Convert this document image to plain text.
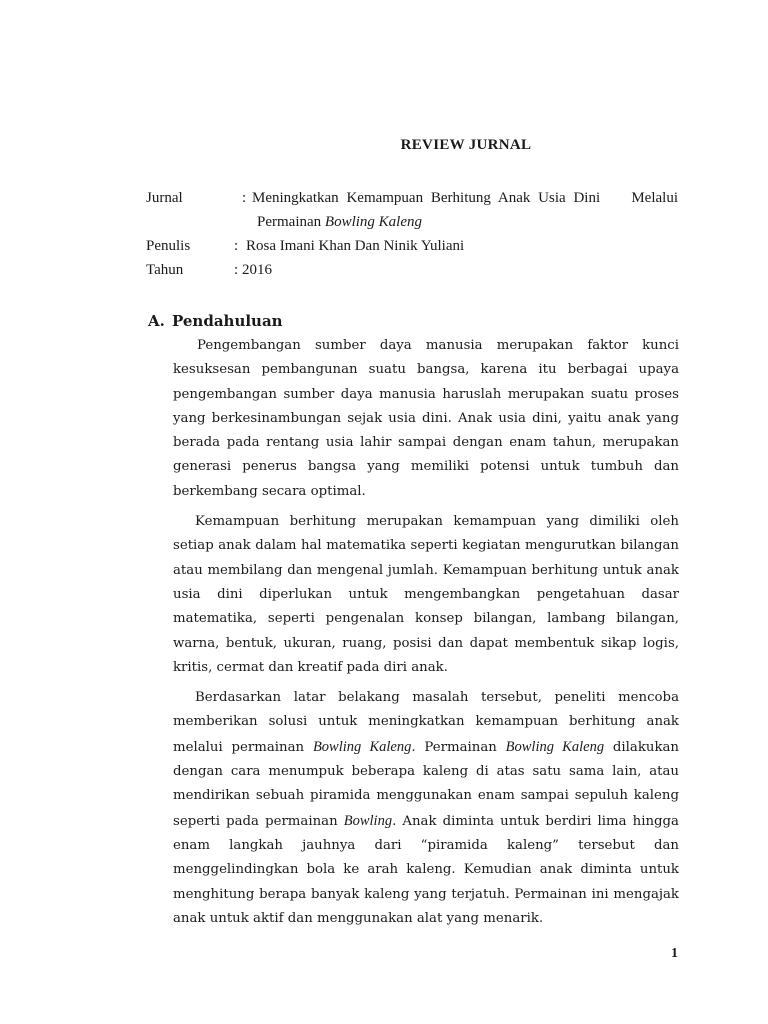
REVIEW JURNAL
Jurnal	: Meningkatkan Kemampuan Berhitung Anak Usia Dini    Melalui
Permainan Bowling Kaleng
Penulis	: Rosa Imani Khan Dan Ninik Yuliani
Tahun	: 2016
A. Pendahuluan

Pengembangan sumber daya manusia merupakan faktor kunci kesuksesan pembangunan suatu bangsa, karena itu berbagai upaya pengembangan sumber daya manusia haruslah merupakan suatu proses yang berkesinambungan sejak usia dini. Anak usia dini, yaitu anak yang berada pada rentang usia lahir sampai dengan enam tahun, merupakan generasi penerus bangsa yang memiliki potensi untuk tumbuh dan berkembang secara optimal.

Kemampuan berhitung merupakan kemampuan yang dimiliki oleh setiap anak dalam hal matematika seperti kegiatan mengurutkan bilangan atau membilang dan mengenal jumlah. Kemampuan berhitung untuk anak usia dini diperlukan untuk mengembangkan pengetahuan dasar matematika, seperti pengenalan konsep bilangan, lambang bilangan, warna, bentuk, ukuran, ruang, posisi dan dapat membentuk sikap logis, kritis, cermat dan kreatif pada diri anak.

Berdasarkan latar belakang masalah tersebut, peneliti mencoba memberikan solusi untuk meningkatkan kemampuan berhitung anak melalui permainan Bowling Kaleng. Permainan Bowling Kaleng dilakukan dengan cara menumpuk beberapa kaleng di atas satu sama lain, atau mendirikan sebuah piramida menggunakan enam sampai sepuluh kaleng seperti pada permainan Bowling. Anak diminta untuk berdiri lima hingga enam langkah jauhnya dari “piramida kaleng” tersebut dan menggelindingkan bola ke arah kaleng. Kemudian anak diminta untuk menghitung berapa banyak kaleng yang terjatuh. Permainan ini mengajak anak untuk aktif dan menggunakan alat yang menarik.

1
